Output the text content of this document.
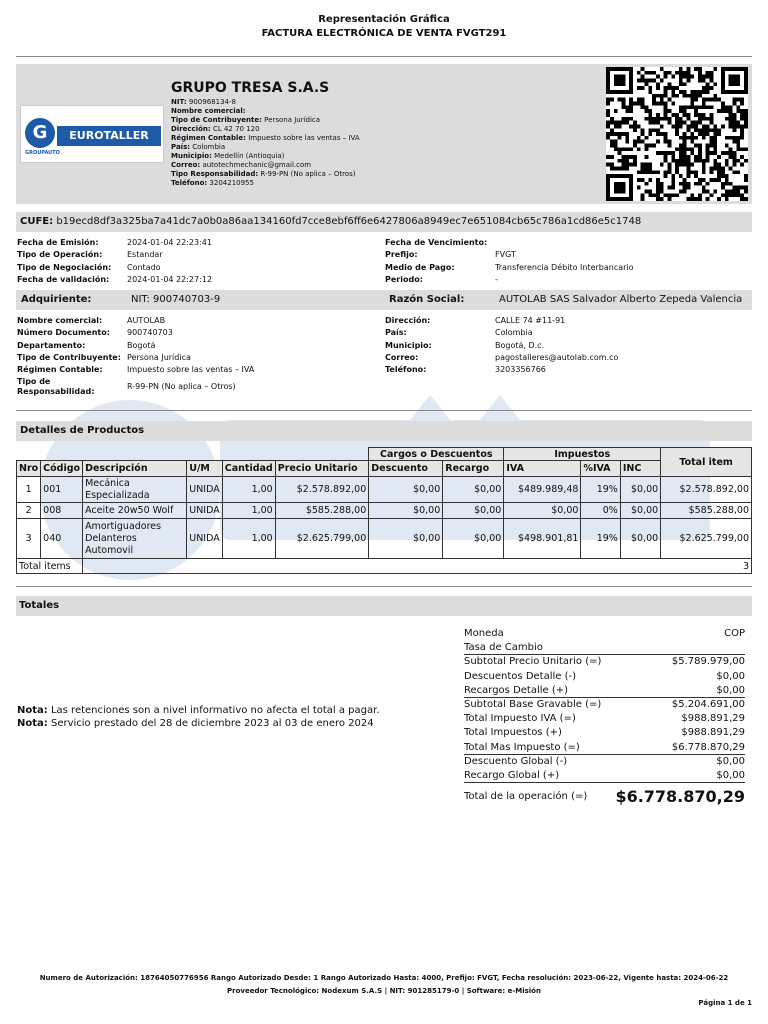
Representación Gráfica
FACTURA ELECTRÓNICA DE VENTA FVGT291
G	EUROTALLER
GROUPAUTO
GRUPO TRESA S.A.S
NIT: 900968134-8
Nombre comercial:
Tipo de Contribuyente: Persona Jurídica
Dirección: CL 42 70 120
Régimen Contable: Impuesto sobre las ventas – IVA
País: Colombia
Municipio: Medellín (Antioquia)
Correo: autotechmechanic@gmail.com
Tipo Responsabilidad: R-99-PN (No aplica – Otros)
Teléfono: 3204210955
CUFE: b19ecd8df3a325ba7a41dc7a0b0a86aa134160fd7cce8ebf6ff6e6427806a8949ec7e651084cb65c786a1cd86e5c1748
Fecha de Emisión:	2024-01-04 22:23:41
Tipo de Operación:	Estandar
Tipo de Negociación: Contado
Fecha de validación: 2024-01-04 22:27:12
Fecha de Vencimiento:
Prefijo:	FVGT
Medio de Pago:	Transferencia Débito Interbancario
Periodo:	-
Adquiriente:	NIT: 900740703-9	Razón Social:	AUTOLAB SAS Salvador Alberto Zepeda Valencia
Nombre comercial:	AUTOLAB
Número Documento: 900740703
Departamento:	Bogotá
Tipo de Contribuyente: Persona Jurídica
Régimen Contable:	Impuesto sobre las ventas – IVA
Tipo de
Responsabilidad:
R-99-PN (No aplica – Otros)
Dirección:	CALLE 74 #11-91
País:	Colombia
Municipio:	Bogotá, D.c.
Correo:	pagostalleres@autolab.com.co
Teléfono:	3203356766
Detalles de Productos
						Cargos o Descuentos		Impuestos			Total item
Nro	Código	Descripción	U/M	Cantidad	Precio Unitario	Descuento	Recargo	IVA	%IVA	INC	
1	001	Mecánica Especializada	UNIDA	1,00	$2.578.892,00	$0,00	$0,00	$489.989,48	19%	$0,00	$2.578.892,00
2	008	Aceite 20w50 Wolf	UNIDA	1,00	$585.288,00	$0,00	$0,00	$0,00	0%	$0,00	$585.288,00
3	040	Amortiguadores Delanteros Automovil	UNIDA	1,00	$2.625.799,00	$0,00	$0,00	$498.901,81	19%	$0,00	$2.625.799,00
Total items		3									
Totales
Nota: Las retenciones son a nivel informativo no afecta el total a pagar.
Nota: Servicio prestado del 28 de diciembre 2023 al 03 de enero 2024
Moneda	COP
Tasa de Cambio
Subtotal Precio Unitario (=)	$5.789.979,00
Descuentos Detalle (-)	$0,00
Recargos Detalle (+)	$0,00
Subtotal Base Gravable (=)	$5.204.691,00
Total Impuesto IVA (=)	$988.891,29
Total Impuestos (+)	$988.891,29
Total Mas Impuesto (=)	$6.778.870,29
Descuento Global (-)	$0,00
Recargo Global (+)	$0,00
Total de la operación (=) $6.778.870,29
Numero de Autorización: 18764050776956 Rango Autorizado Desde: 1 Rango Autorizado Hasta: 4000, Prefijo: FVGT, Fecha resolución: 2023-06-22, Vigente hasta: 2024-06-22
Proveedor Tecnológico: Nodexum S.A.S | NIT: 901285179-0 | Software: e-Misión
Página 1 de 1
